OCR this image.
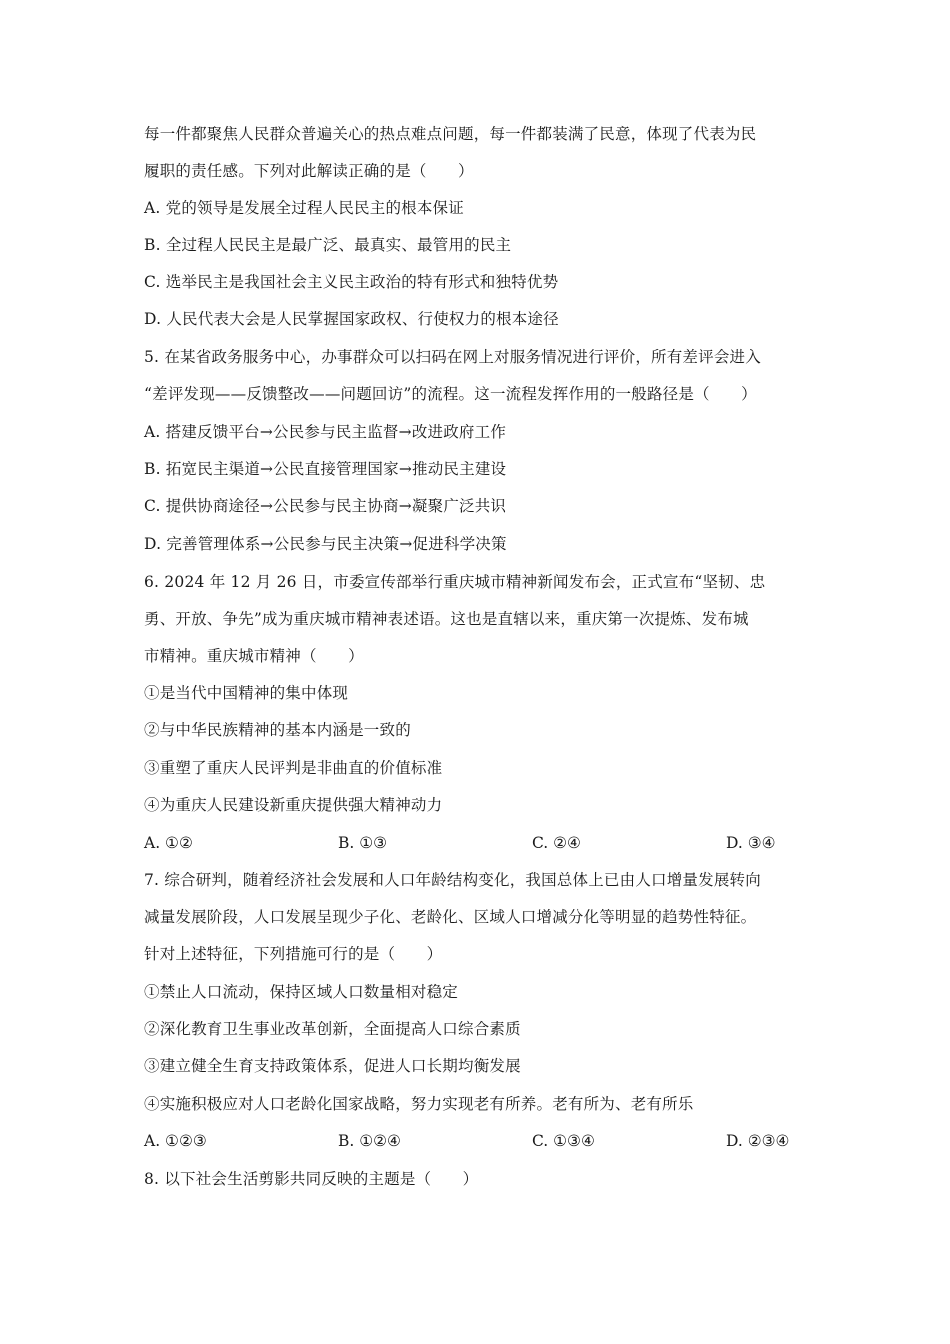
每一件都聚焦人民群众普遍关心的热点难点问题，每一件都装满了民意，体现了代表为民
履职的责任感。下列对此解读正确的是（　　）
A. 党的领导是发展全过程人民民主的根本保证
B. 全过程人民民主是最广泛、最真实、最管用的民主
C. 选举民主是我国社会主义民主政治的特有形式和独特优势
D. 人民代表大会是人民掌握国家政权、行使权力的根本途径
5. 在某省政务服务中心，办事群众可以扫码在网上对服务情况进行评价，所有差评会进入
“差评发现——反馈整改——问题回访”的流程。这一流程发挥作用的一般路径是（　　）
A. 搭建反馈平台→公民参与民主监督→改进政府工作
B. 拓宽民主渠道→公民直接管理国家→推动民主建设
C. 提供协商途径→公民参与民主协商→凝聚广泛共识
D. 完善管理体系→公民参与民主决策→促进科学决策
6. 2024 年 12 月 26 日，市委宣传部举行重庆城市精神新闻发布会，正式宣布“坚韧、忠
勇、开放、争先”成为重庆城市精神表述语。这也是直辖以来，重庆第一次提炼、发布城
市精神。重庆城市精神（　　）
①是当代中国精神的集中体现
②与中华民族精神的基本内涵是一致的
③重塑了重庆人民评判是非曲直的价值标准
④为重庆人民建设新重庆提供强大精神动力
A. ①②	B. ①③	C. ②④	D. ③④
7. 综合研判，随着经济社会发展和人口年龄结构变化，我国总体上已由人口增量发展转向
减量发展阶段，人口发展呈现少子化、老龄化、区域人口增减分化等明显的趋势性特征。
针对上述特征，下列措施可行的是（　　）
①禁止人口流动，保持区域人口数量相对稳定
②深化教育卫生事业改革创新，全面提高人口综合素质
③建立健全生育支持政策体系，促进人口长期均衡发展
④实施积极应对人口老龄化国家战略，努力实现老有所养。老有所为、老有所乐
A. ①②③	B. ①②④	C. ①③④	D. ②③④
8. 以下社会生活剪影共同反映的主题是（　　）
